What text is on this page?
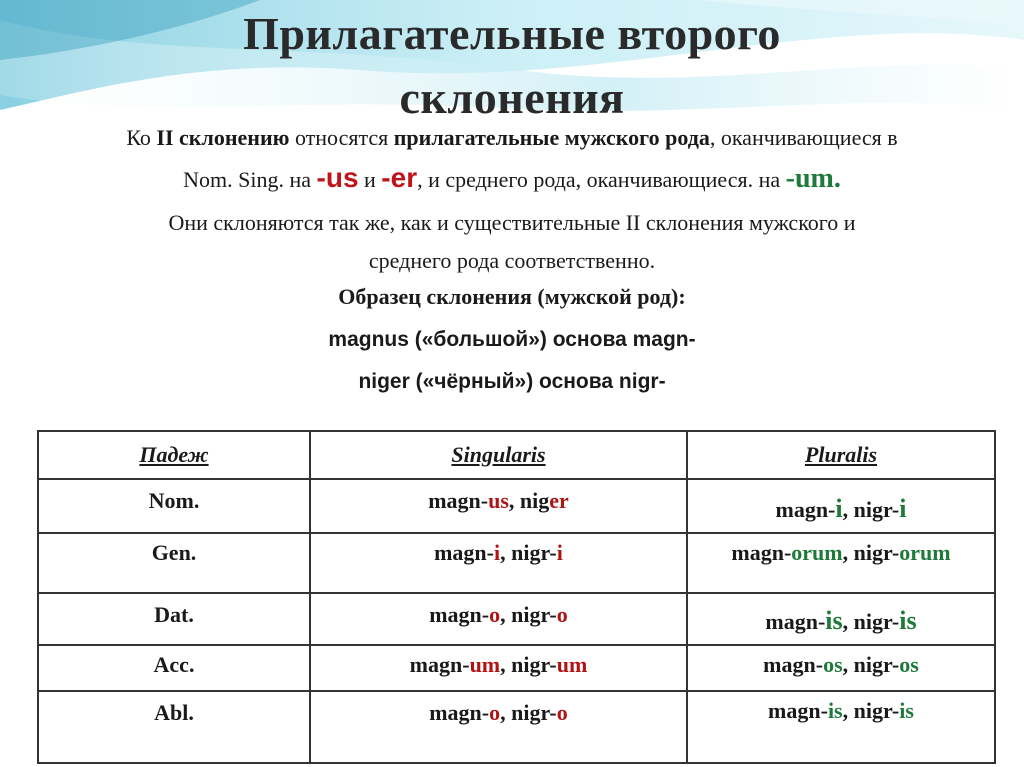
Прилагательные второго
склонения

Ко II склонению относятся прилагательные мужского рода, оканчивающиеся в

Nom. Sing. на -us и -er, и среднего рода, оканчивающиеся. на -um.

Они склоняются так же, как и существительные II склонения мужского и

среднего рода соответственно.

Образец склонения (мужской род):
magnus («большой») основа magn-
niger («чёрный») основа nigr-
Падеж	Singularis	Pluralis

Nom.	magn-us, niger	magn-i, nigr-i

Gen.	magn-i, nigr-i	magn-orum, nigr-orum

Dat.	magn-o, nigr-o	magn-is, nigr-is

Acc.	magn-um, nigr-um	magn-os, nigr-os

Abl.	magn-o, nigr-o	magn-is, nigr-is
